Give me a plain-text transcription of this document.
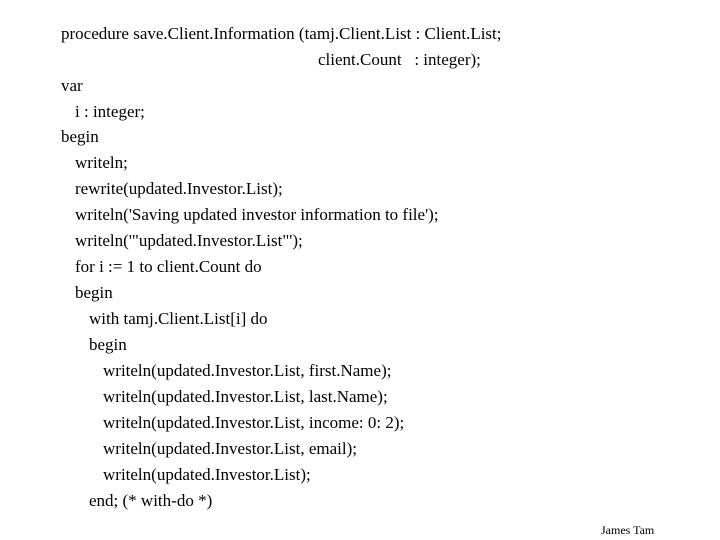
procedure save.Client.Information (tamj.Client.List : Client.List;
client.Count   : integer);
var
i : integer;
begin
writeln;
rewrite(updated.Investor.List);
writeln('Saving updated investor information to file');
writeln('"updated.Investor.List"');
for i := 1 to client.Count do
begin
with tamj.Client.List[i] do
begin
writeln(updated.Investor.List, first.Name);
writeln(updated.Investor.List, last.Name);
writeln(updated.Investor.List, income: 0: 2);
writeln(updated.Investor.List, email);
writeln(updated.Investor.List);
end; (* with-do *)
James Tam
